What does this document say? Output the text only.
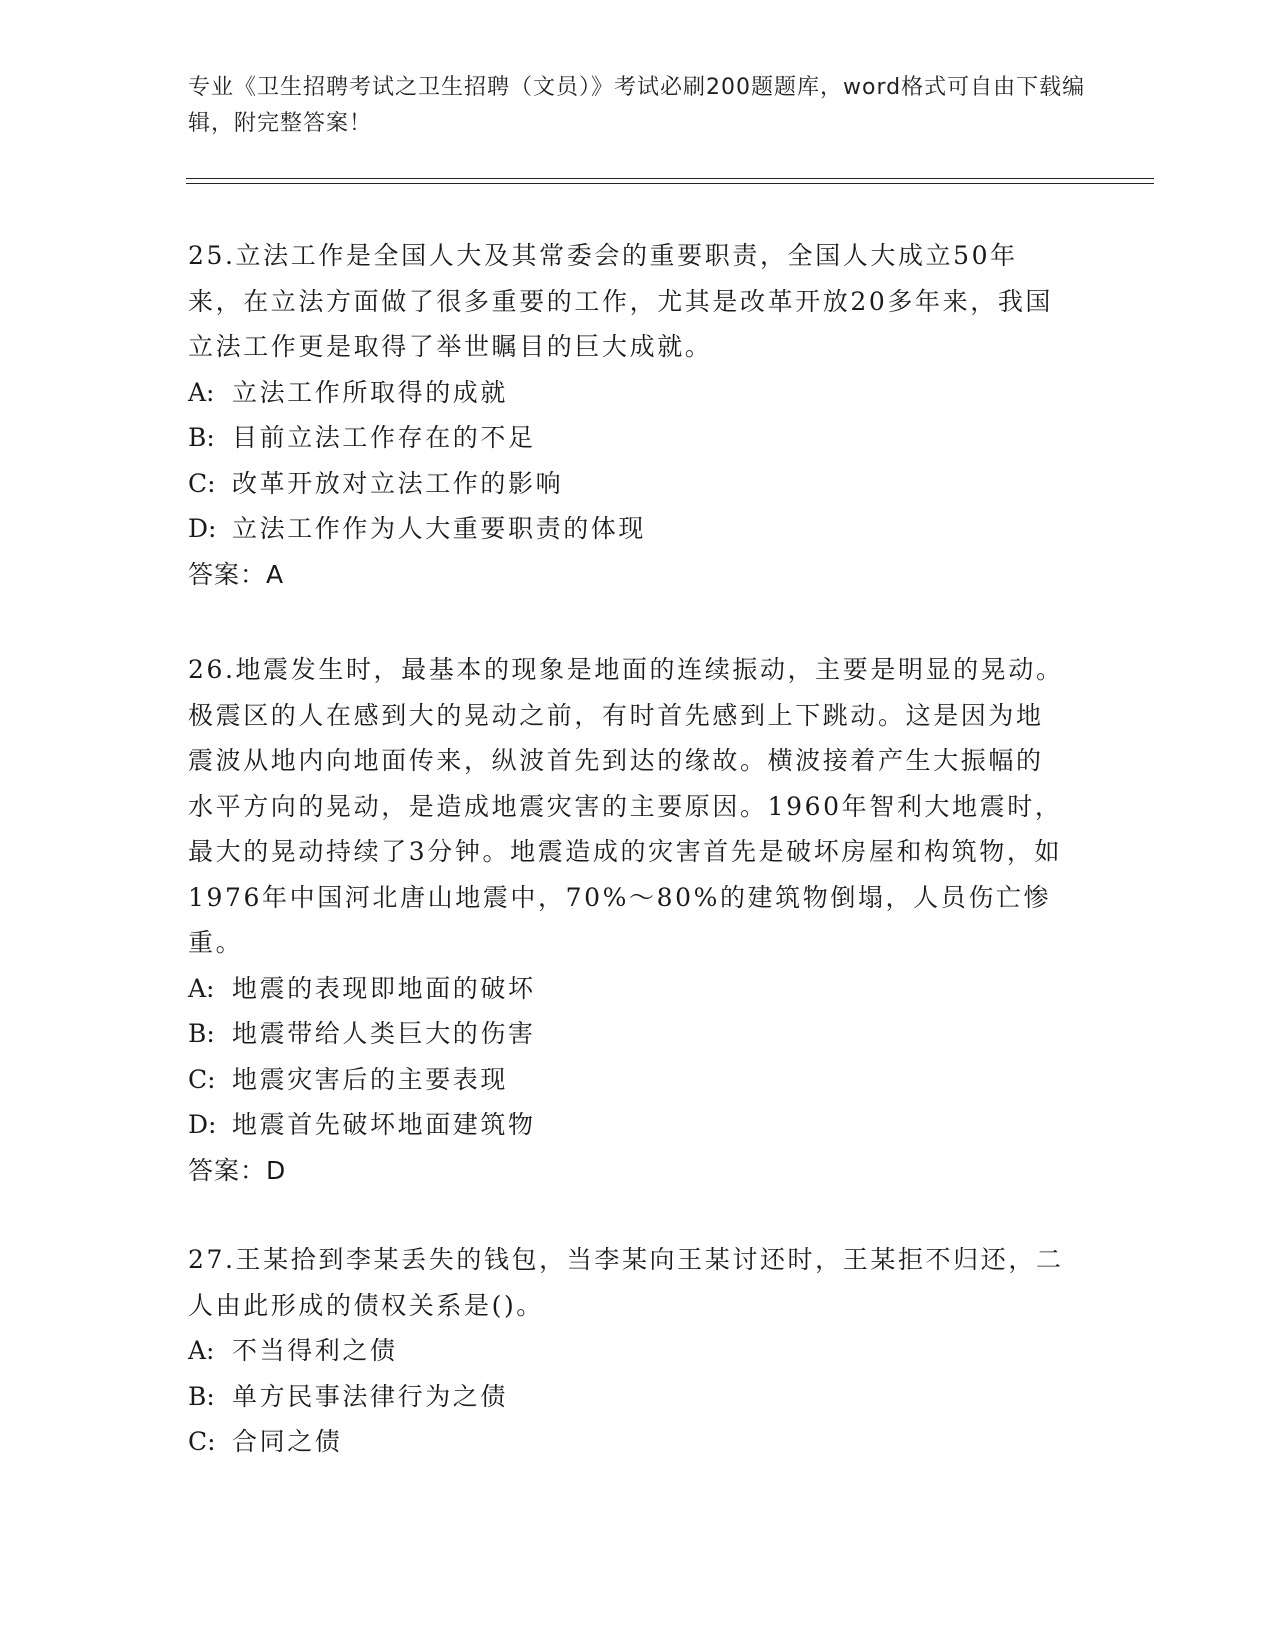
专业《卫生招聘考试之卫生招聘（文员）》考试必刷200题题库，word格式可自由下载编辑，附完整答案！

25.立法工作是全国人大及其常委会的重要职责，全国人大成立50年来，在立法方面做了很多重要的工作，尤其是改革开放20多年来，我国立法工作更是取得了举世瞩目的巨大成就。

A: 立法工作所取得的成就

B: 目前立法工作存在的不足

C: 改革开放对立法工作的影响

D: 立法工作作为人大重要职责的体现

答案：A

26.地震发生时，最基本的现象是地面的连续振动，主要是明显的晃动。极震区的人在感到大的晃动之前，有时首先感到上下跳动。这是因为地震波从地内向地面传来，纵波首先到达的缘故。横波接着产生大振幅的水平方向的晃动，是造成地震灾害的主要原因。1960年智利大地震时，最大的晃动持续了3分钟。地震造成的灾害首先是破坏房屋和构筑物，如1976年中国河北唐山地震中，70%～80%的建筑物倒塌，人员伤亡惨重。

A: 地震的表现即地面的破坏

B: 地震带给人类巨大的伤害

C: 地震灾害后的主要表现

D: 地震首先破坏地面建筑物

答案：D

27.王某拾到李某丢失的钱包，当李某向王某讨还时，王某拒不归还，二人由此形成的债权关系是()。

A: 不当得利之债

B: 单方民事法律行为之债

C: 合同之债
